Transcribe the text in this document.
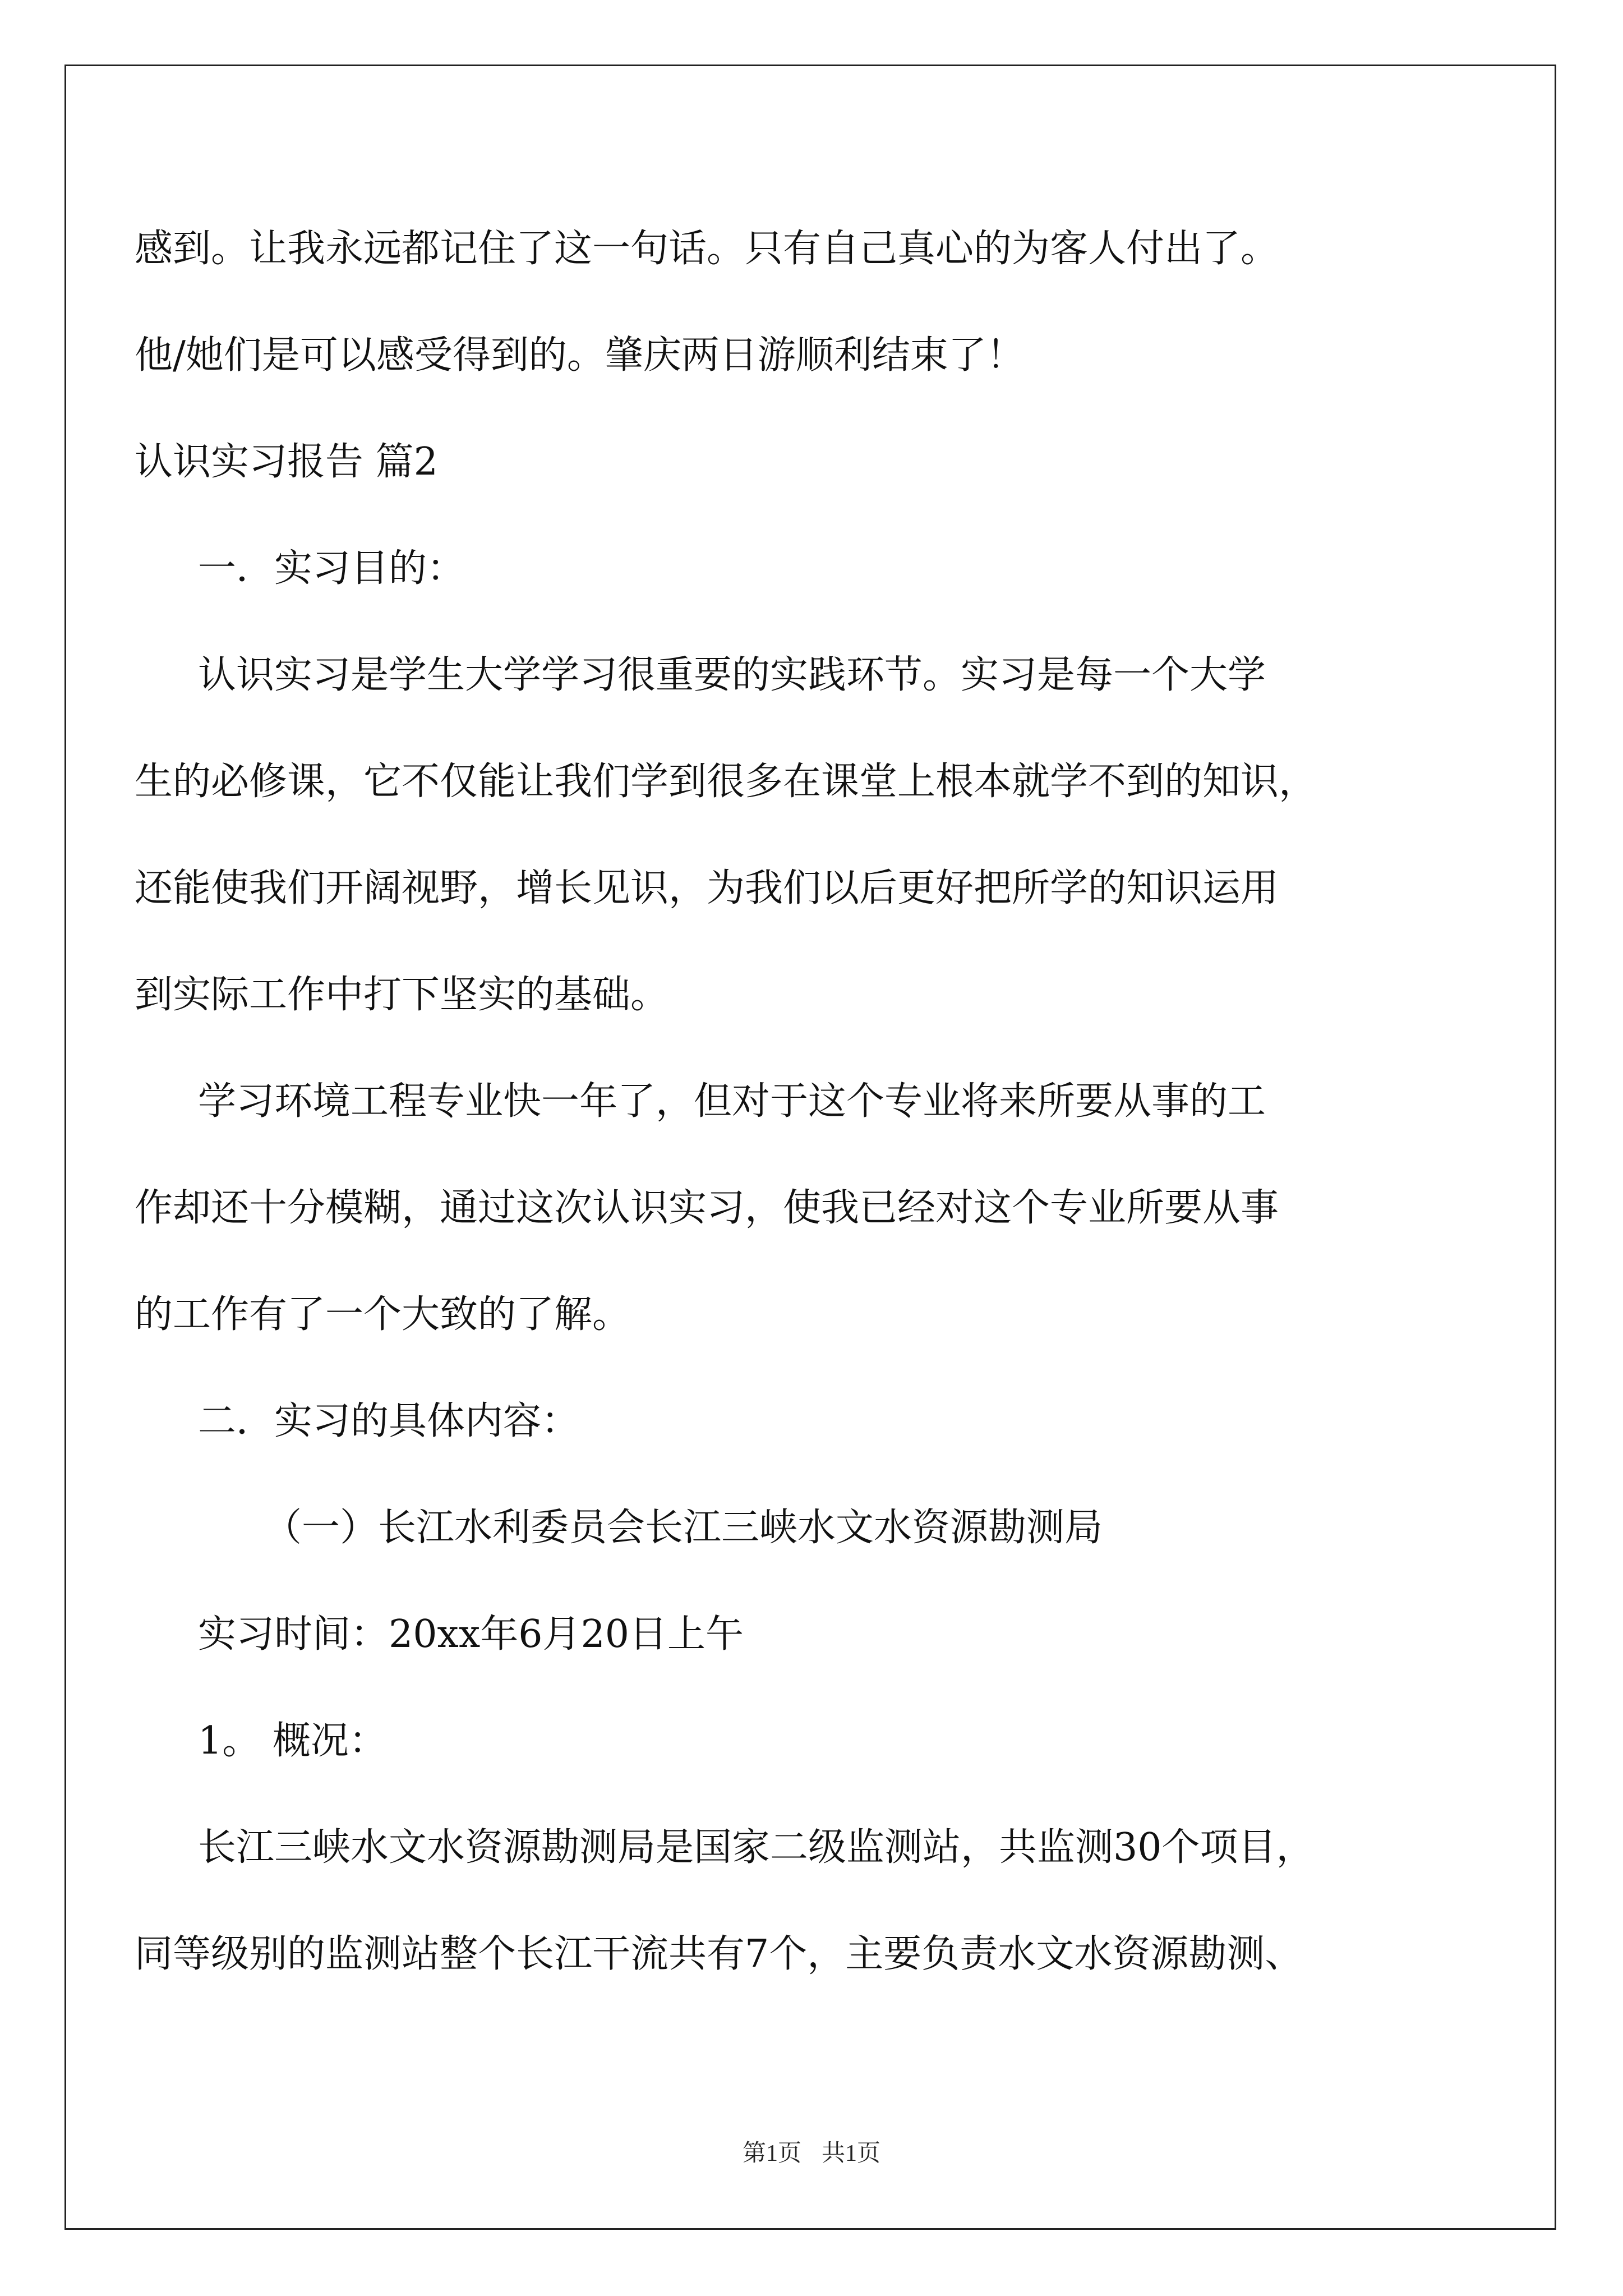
感到。让我永远都记住了这一句话。只有自己真心的为客人付出了。
他/她们是可以感受得到的。肇庆两日游顺利结束了！
认识实习报告 篇2
一．实习目的：
认识实习是学生大学学习很重要的实践环节。实习是每一个大学
生的必修课，它不仅能让我们学到很多在课堂上根本就学不到的知识，
还能使我们开阔视野，增长见识，为我们以后更好把所学的知识运用
到实际工作中打下坚实的基础。
学习环境工程专业快一年了，但对于这个专业将来所要从事的工
作却还十分模糊，通过这次认识实习，使我已经对这个专业所要从事
的工作有了一个大致的了解。
二．实习的具体内容：
（一）长江水利委员会长江三峡水文水资源勘测局
实习时间：20xx年6月20日上午
1。 概况：
长江三峡水文水资源勘测局是国家二级监测站，共监测30个项目，
同等级别的监测站整个长江干流共有7个，主要负责水文水资源勘测、
第1页 共1页
